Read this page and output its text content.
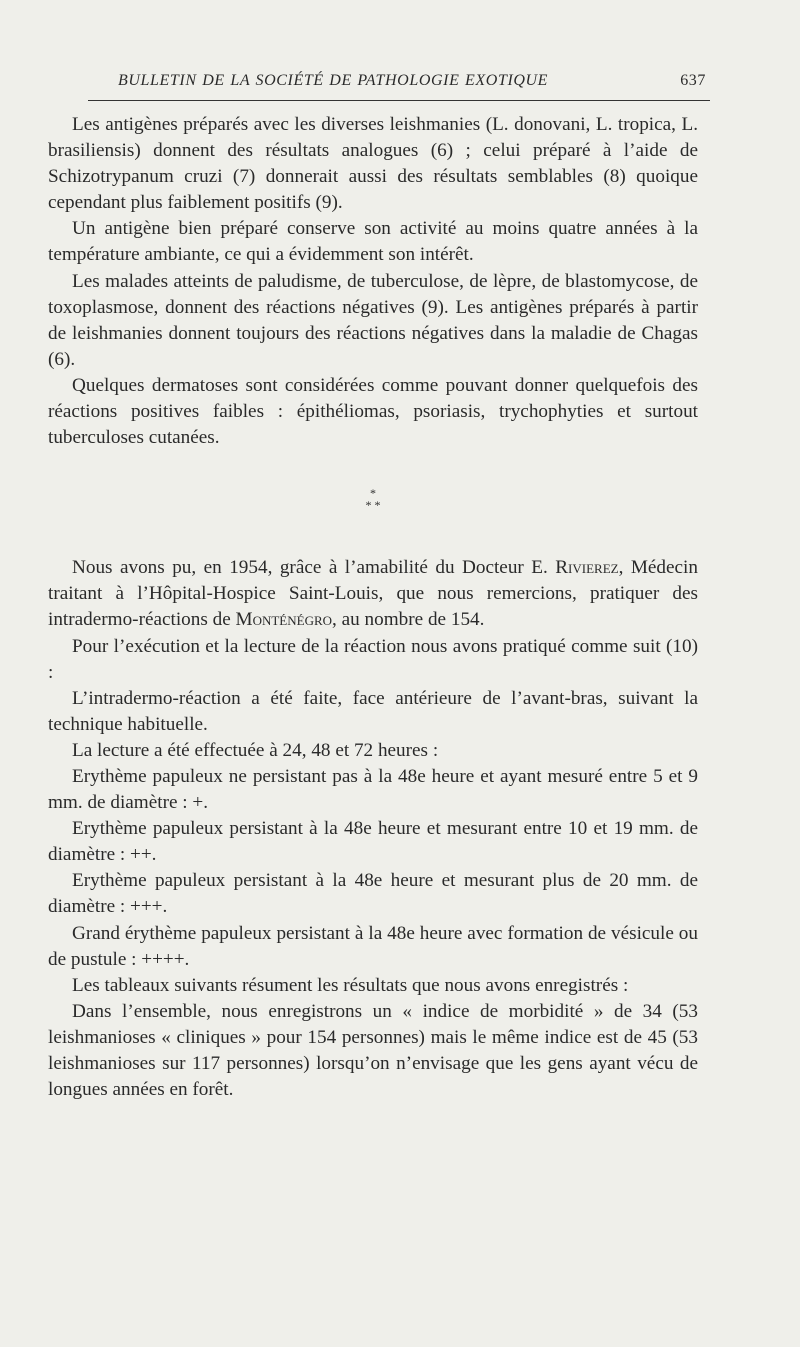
BULLETIN DE LA SOCIÉTÉ DE PATHOLOGIE EXOTIQUE	637

Les antigènes préparés avec les diverses leishmanies (L. donovani, L. tropica, L. brasiliensis) donnent des résultats analogues (6) ; celui préparé à l’aide de Schizotrypanum cruzi (7) donnerait aussi des résultats semblables (8) quoique cependant plus faiblement positifs (9).

Un antigène bien préparé conserve son activité au moins quatre années à la température ambiante, ce qui a évidemment son intérêt.

Les malades atteints de paludisme, de tuberculose, de lèpre, de blastomycose, de toxoplasmose, donnent des réactions négatives (9). Les antigènes préparés à partir de leishmanies donnent toujours des réactions négatives dans la maladie de Chagas (6).

Quelques dermatoses sont considérées comme pouvant donner quelquefois des réactions positives faibles : épithéliomas, psoriasis, trychophyties et surtout tuberculoses cutanées.

*
* *

Nous avons pu, en 1954, grâce à l’amabilité du Docteur E. Rivierez, Médecin traitant à l’Hôpital-Hospice Saint-Louis, que nous remercions, pratiquer des intradermo-réactions de Monténégro, au nombre de 154.

Pour l’exécution et la lecture de la réaction nous avons pratiqué comme suit (10) :

L’intradermo-réaction a été faite, face antérieure de l’avant-bras, suivant la technique habituelle.

La lecture a été effectuée à 24, 48 et 72 heures :

Erythème papuleux ne persistant pas à la 48e heure et ayant mesuré entre 5 et 9 mm. de diamètre : +.

Erythème papuleux persistant à la 48e heure et mesurant entre 10 et 19 mm. de diamètre : ++.

Erythème papuleux persistant à la 48e heure et mesurant plus de 20 mm. de diamètre : +++.

Grand érythème papuleux persistant à la 48e heure avec formation de vésicule ou de pustule : ++++.

Les tableaux suivants résument les résultats que nous avons enregistrés :

Dans l’ensemble, nous enregistrons un « indice de morbidité » de 34 (53 leishmanioses « cliniques » pour 154 personnes) mais le même indice est de 45 (53 leishmanioses sur 117 personnes) lorsqu’on n’envisage que les gens ayant vécu de longues années en forêt.
